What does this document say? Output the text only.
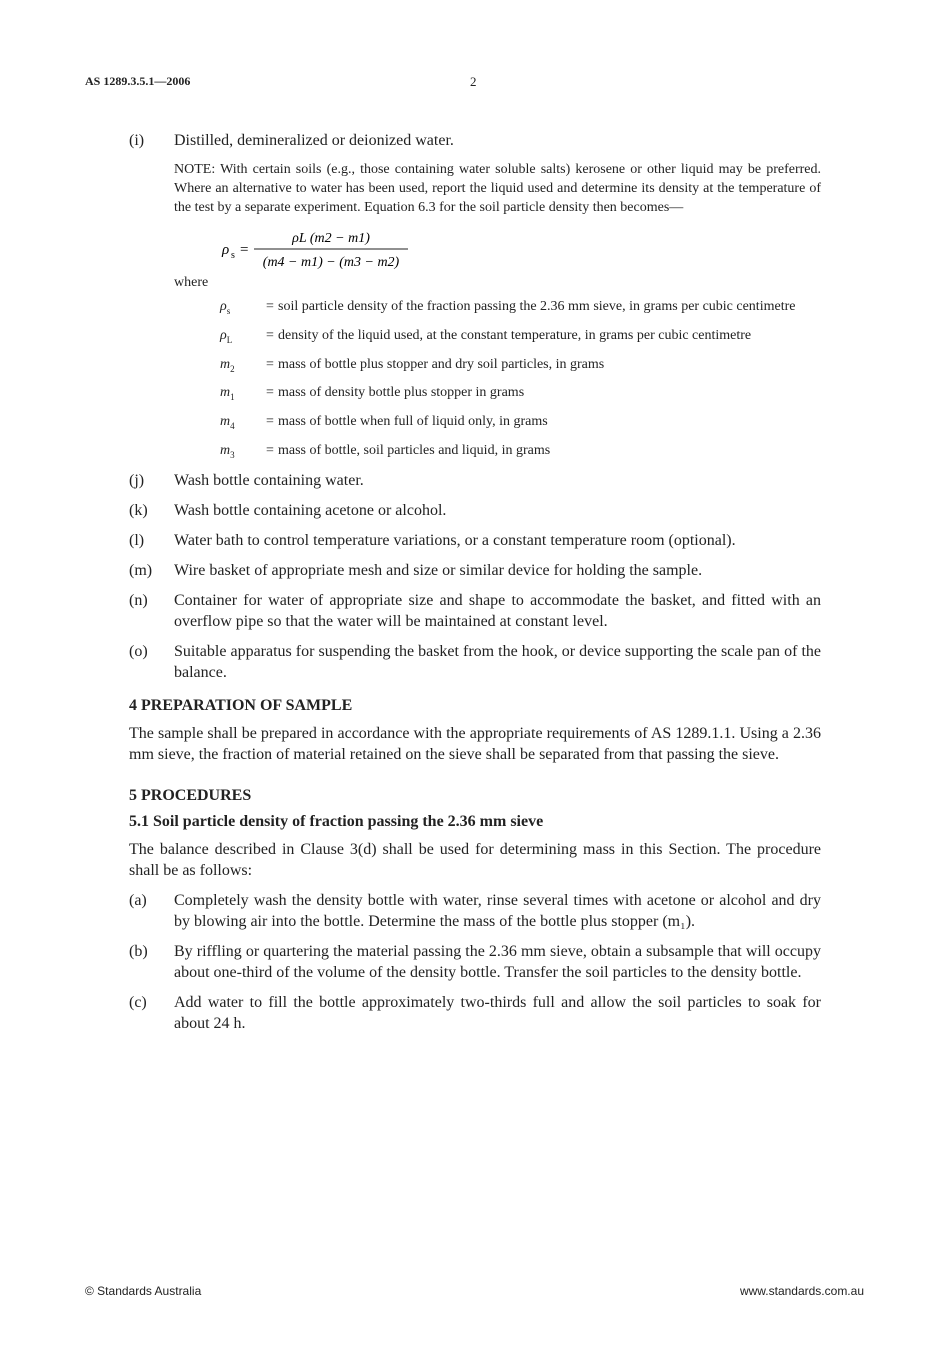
AS 1289.3.5.1—2006	2
(i)	Distilled, demineralized or deionized water.
NOTE: With certain soils (e.g., those containing water soluble salts) kerosene or other liquid may be preferred. Where an alternative to water has been used, report the liquid used and determine its density at the temperature of the test by a separate experiment. Equation 6.3 for the soil particle density then becomes—
ρ s =
ρL (m2 − m1)
(m4 − m1) − (m3 − m2)
where
$\rho_s$	= soil particle density of the fraction passing the 2.36 mm sieve, in grams per cubic centimetre
$\rho_L$	= density of the liquid used, at the constant temperature, in grams per cubic centimetre
$m_2$	= mass of bottle plus stopper and dry soil particles, in grams
$m_1$	= mass of density bottle plus stopper in grams
$m_4$	= mass of bottle when full of liquid only, in grams
$m_3$	= mass of bottle, soil particles and liquid, in grams
(j)	Wash bottle containing water.
(k)	Wash bottle containing acetone or alcohol.
(l)	Water bath to control temperature variations, or a constant temperature room (optional).
(m)	Wire basket of appropriate mesh and size or similar device for holding the sample.
(n)	Container for water of appropriate size and shape to accommodate the basket, and fitted with an overflow pipe so that the water will be maintained at constant level.
(o)	Suitable apparatus for suspending the basket from the hook, or device supporting the scale pan of the balance.
4 PREPARATION OF SAMPLE
The sample shall be prepared in accordance with the appropriate requirements of AS 1289.1.1. Using a 2.36 mm sieve, the fraction of material retained on the sieve shall be separated from that passing the sieve.
5 PROCEDURES
5.1 Soil particle density of fraction passing the 2.36 mm sieve
The balance described in Clause 3(d) shall be used for determining mass in this Section. The procedure shall be as follows:
(a)	Completely wash the density bottle with water, rinse several times with acetone or alcohol and dry by blowing air into the bottle. Determine the mass of the bottle plus stopper (m₁).
(b)	By riffling or quartering the material passing the 2.36 mm sieve, obtain a subsample that will occupy about one-third of the volume of the density bottle. Transfer the soil particles to the density bottle.
(c)	Add water to fill the bottle approximately two-thirds full and allow the soil particles to soak for about 24 h.
© Standards Australia	www.standards.com.au
